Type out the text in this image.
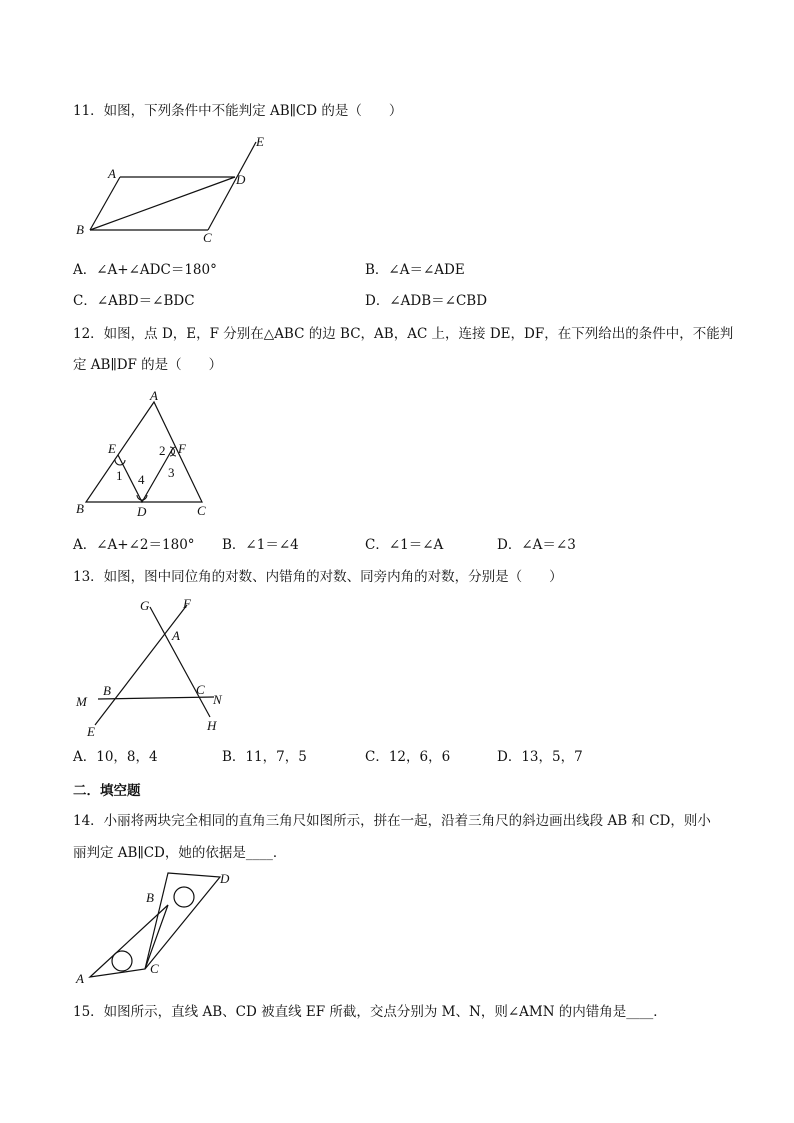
11．如图，下列条件中不能判定 AB∥CD 的是（　　）
A
B
C
D
E
A．∠A+∠ADC＝180°	B．∠A＝∠ADE
C．∠ABD＝∠BDC	D．∠ADB＝∠CBD
12．如图，点 D，E，F 分别在△ABC 的边 BC，AB，AC 上，连接 DE，DF，在下列给出的条件中，不能判
定 AB∥DF 的是（　　）
A
B	C
D
E	F
1
2
3
4
A．∠A+∠2＝180° B．∠1＝∠4	C．∠1＝∠A	D．∠A＝∠3
13．如图，图中同位角的对数、内错角的对数、同旁内角的对数，分别是（　　）
G	F
A
B	C
M	N
E	H
A．10，8，4	B．11，7，5	C．12，6，6	D．13，5，7
二．填空题
14．小丽将两块完全相同的直角三角尺如图所示，拼在一起，沿着三角尺的斜边画出线段 AB 和 CD，则小
丽判定 AB∥CD，她的依据是____．
A
B
C
D
15．如图所示，直线 AB、CD 被直线 EF 所截，交点分别为 M、N，则∠AMN 的内错角是____．
